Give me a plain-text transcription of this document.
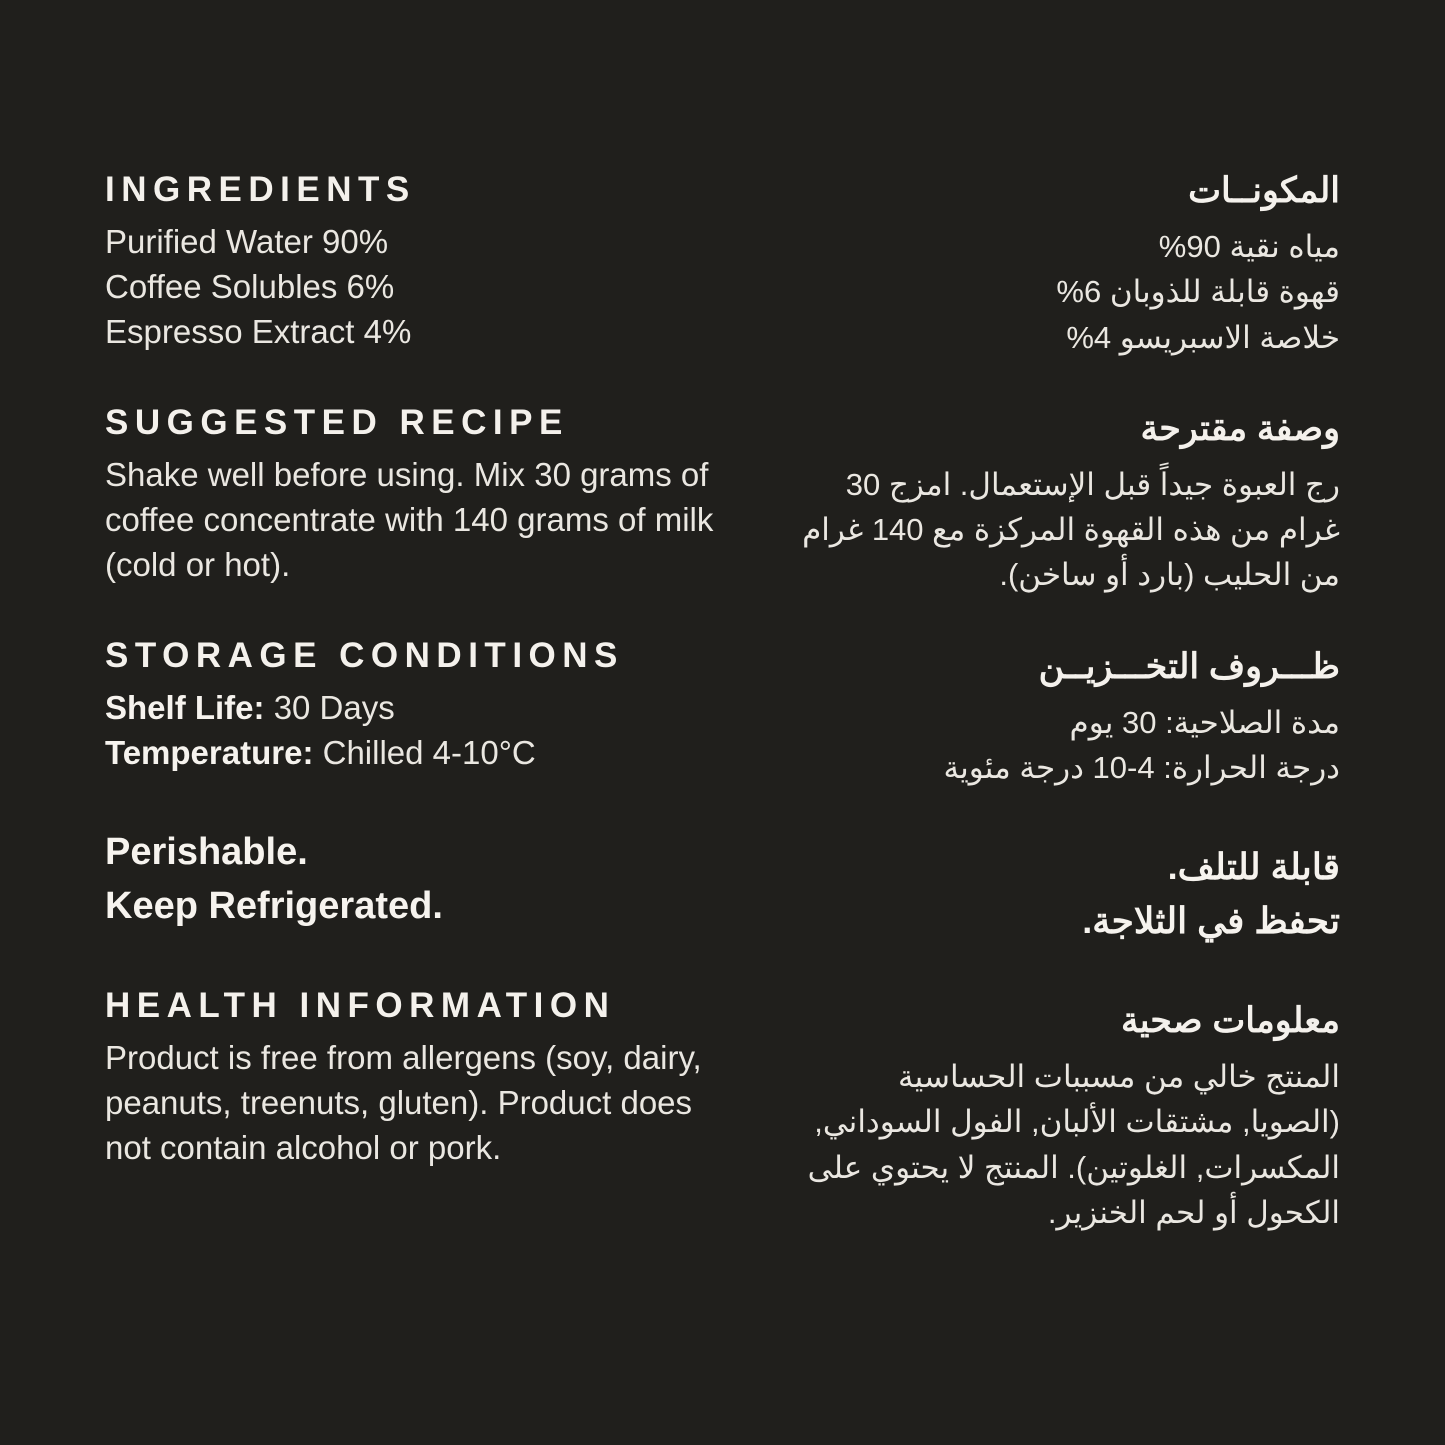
INGREDIENTS

Purified Water 90%

Coffee Solubles 6%

Espresso Extract 4%

SUGGESTED RECIPE

Shake well before using. Mix 30 grams of coffee concentrate with 140 grams of milk (cold or hot).

STORAGE CONDITIONS

Shelf Life: 30 Days

Temperature: Chilled 4-10°C

Perishable.
Keep Refrigerated.
HEALTH INFORMATION

Product is free from allergens (soy, dairy, peanuts, treenuts, gluten). Product does not contain alcohol or pork.

المكونــات

مياه نقية 90%

قهوة قابلة للذوبان 6%

خلاصة الاسبريسو 4%

وصفة مقترحة

رج العبوة جيداً قبل الإستعمال. امزج 30 غرام من هذه القهوة المركزة مع 140 غرام من الحليب (بارد أو ساخن).

ظـــروف التخـــزيــن

مدة الصلاحية: 30 يوم

درجة الحرارة: 4-10 درجة مئوية

قابلة للتلف.
تحفظ في الثلاجة.
معلومات صحية

المنتج خالي من مسببات الحساسية (الصويا, مشتقات الألبان, الفول السوداني, المكسرات, الغلوتين). المنتج لا يحتوي على الكحول أو لحم الخنزير.
